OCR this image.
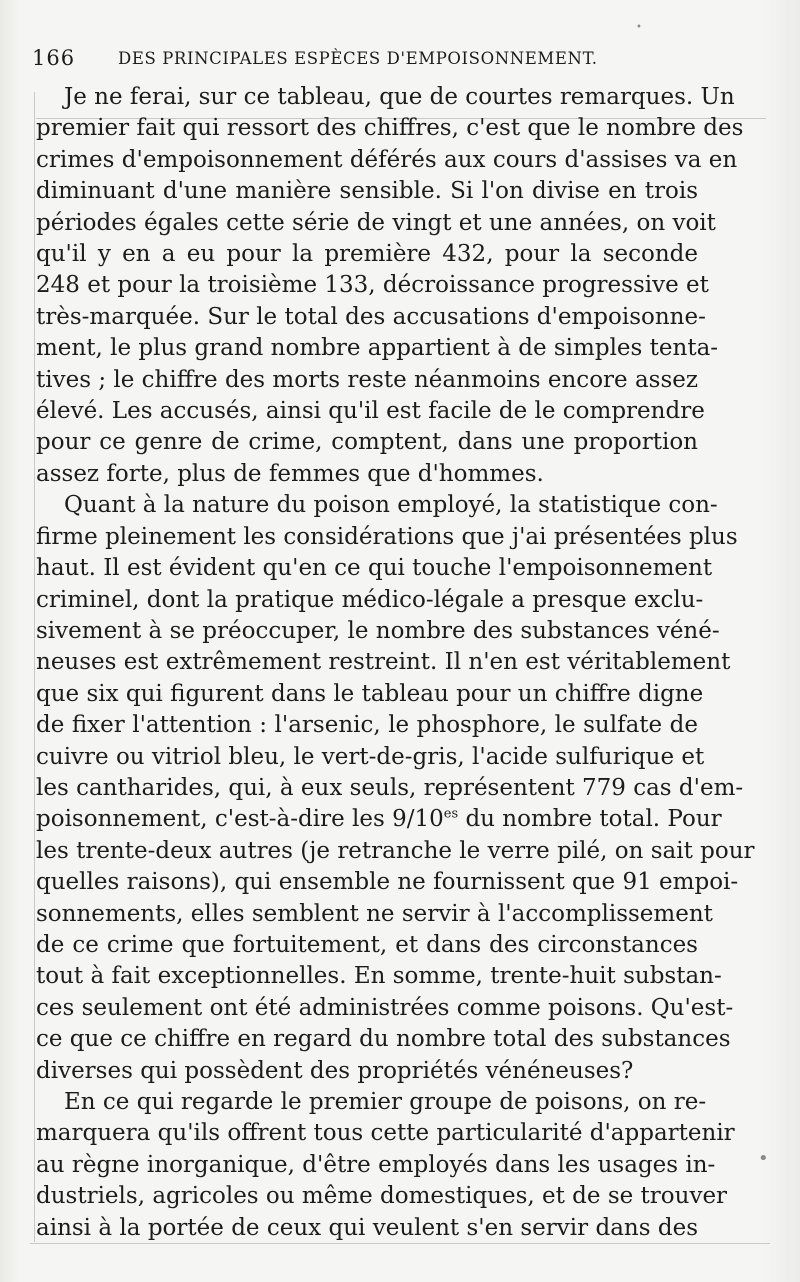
166	DES PRINCIPALES ESPÈCES D'EMPOISONNEMENT.
•
•
Je ne ferai, sur ce tableau, que de courtes remarques. Un
premier fait qui ressort des chiffres, c'est que le nombre des
crimes d'empoisonnement déférés aux cours d'assises va en
diminuant d'une manière sensible. Si l'on divise en trois
périodes égales cette série de vingt et une années, on voit
qu'il y en a eu pour la première 432, pour la seconde
248 et pour la troisième 133, décroissance progressive et
très-marquée. Sur le total des accusations d'empoisonne-
ment, le plus grand nombre appartient à de simples tenta-
tives ; le chiffre des morts reste néanmoins encore assez
élevé. Les accusés, ainsi qu'il est facile de le comprendre
pour ce genre de crime, comptent, dans une proportion
assez forte, plus de femmes que d'hommes.
Quant à la nature du poison employé, la statistique con-
firme pleinement les considérations que j'ai présentées plus
haut. Il est évident qu'en ce qui touche l'empoisonnement
criminel, dont la pratique médico-légale a presque exclu-
sivement à se préoccuper, le nombre des substances véné-
neuses est extrêmement restreint. Il n'en est véritablement
que six qui figurent dans le tableau pour un chiffre digne
de fixer l'attention : l'arsenic, le phosphore, le sulfate de
cuivre ou vitriol bleu, le vert-de-gris, l'acide sulfurique et
les cantharides, qui, à eux seuls, représentent 779 cas d'em-
poisonnement, c'est-à-dire les $9/10^{es}$ du nombre total. Pour
les trente-deux autres (je retranche le verre pilé, on sait pour
quelles raisons), qui ensemble ne fournissent que 91 empoi-
sonnements, elles semblent ne servir à l'accomplissement
de ce crime que fortuitement, et dans des circonstances
tout à fait exceptionnelles. En somme, trente-huit substan-
ces seulement ont été administrées comme poisons. Qu'est-
ce que ce chiffre en regard du nombre total des substances
diverses qui possèdent des propriétés vénéneuses?
En ce qui regarde le premier groupe de poisons, on re-
marquera qu'ils offrent tous cette particularité d'appartenir
au règne inorganique, d'être employés dans les usages in-
dustriels, agricoles ou même domestiques, et de se trouver
ainsi à la portée de ceux qui veulent s'en servir dans des
